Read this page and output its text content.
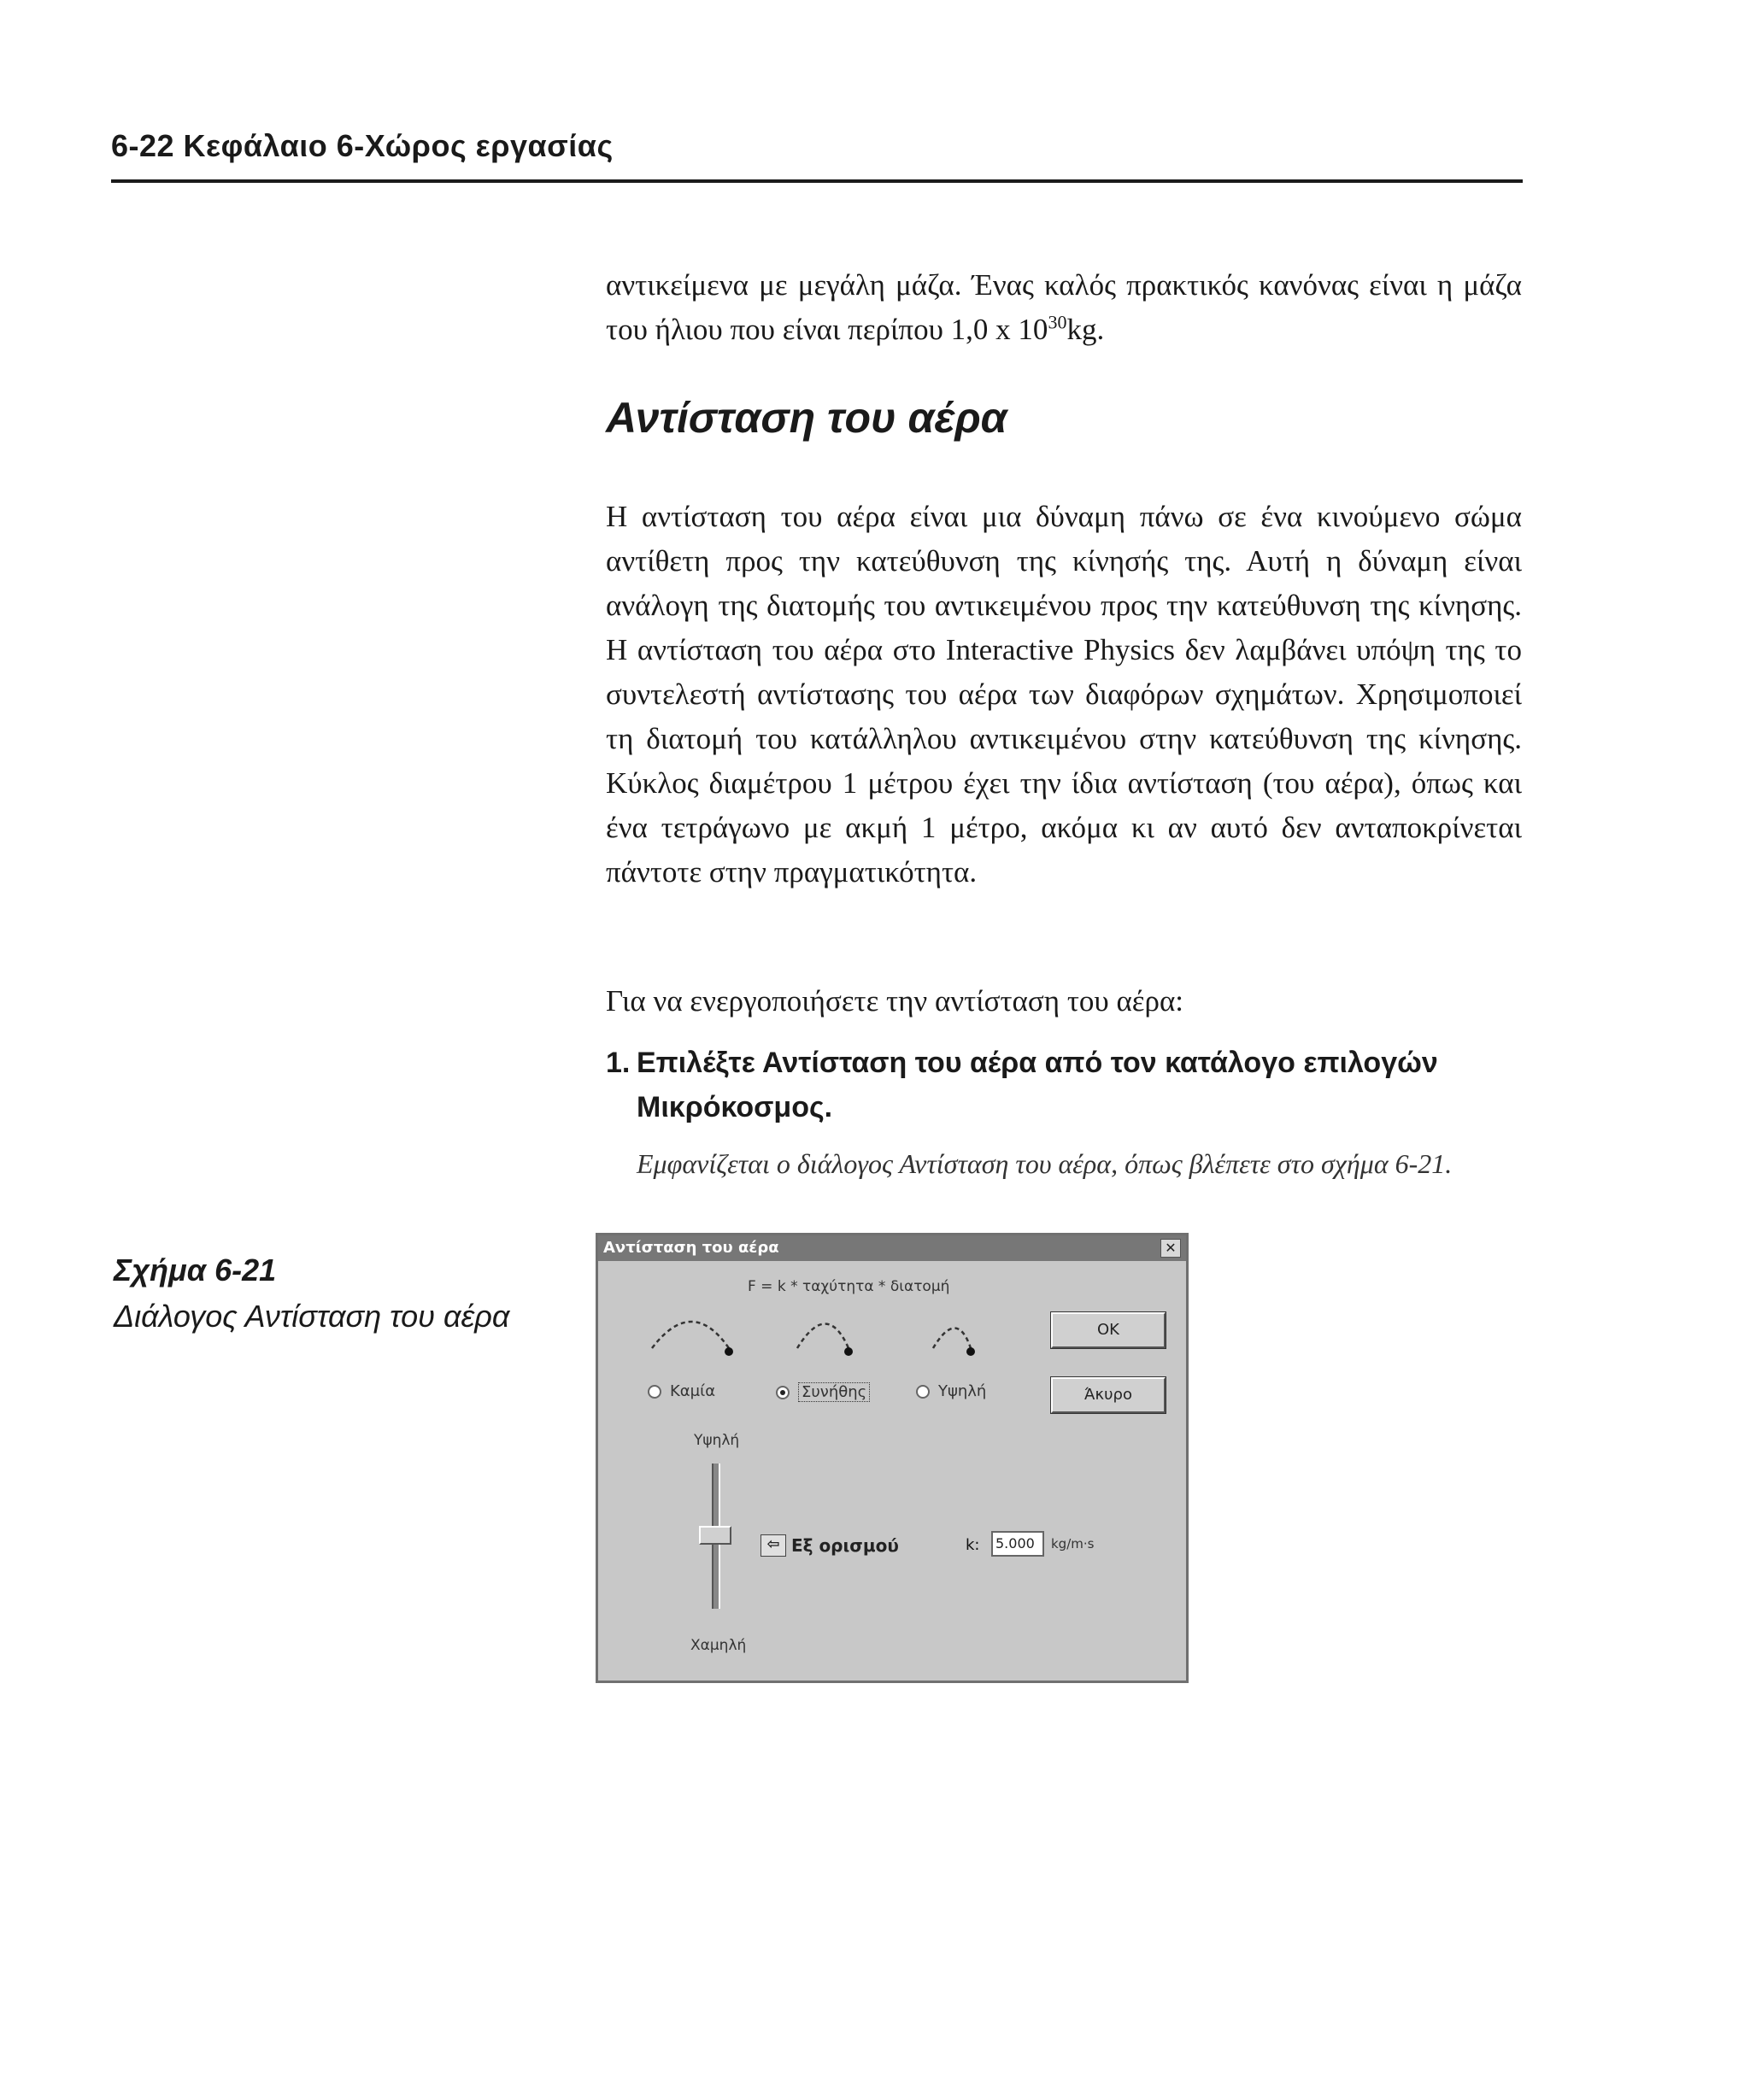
6-22 Κεφάλαιο 6-Χώρος εργασίας
αντικείμενα με μεγάλη μάζα. Ένας καλός πρακτικός κανόνας είναι η μάζα του ήλιου που είναι περίπου 1,0 x $10^{30}kg$.
Αντίσταση του αέρα
Η αντίσταση του αέρα είναι μια δύναμη πάνω σε ένα κινούμενο σώμα αντίθετη προς την κατεύθυνση της κίνησής της. Αυτή η δύναμη είναι ανάλογη της διατομής του αντικειμένου προς την κατεύθυνση της κίνησης. Η αντίσταση του αέρα στο Interactive Physics δεν λαμβάνει υπόψη της το συντελεστή αντίστασης του αέρα των διαφόρων σχημάτων. Χρησιμοποιεί τη διατομή του κατάλληλου αντικειμένου στην κατεύθυνση της κίνησης. Κύκλος διαμέτρου 1 μέτρου έχει την ίδια αντίσταση (του αέρα), όπως και ένα τετράγωνο με ακμή 1 μέτρο, ακόμα κι αν αυτό δεν ανταποκρίνεται πάντοτε στην πραγματικότητα.
Για να ενεργοποιήσετε την αντίσταση του αέρα:
1. Επιλέξτε Αντίσταση του αέρα από τον κατάλογο επιλογών
Μικρόκοσμος.
Εμφανίζεται ο διάλογος Αντίσταση του αέρα, όπως βλέπετε στο σχήμα 6-21.
Σχήμα 6-21
Διάλογος Αντίσταση του αέρα
Αντίσταση του αέρα	✕
F = k * ταχύτητα * διατομή
Καμία	Συνήθης	Υψηλή
ΟΚ
Άκυρο
Υψηλή
Χαμηλή
⇦ Εξ ορισμού	k:	5.000	kg/m·s
